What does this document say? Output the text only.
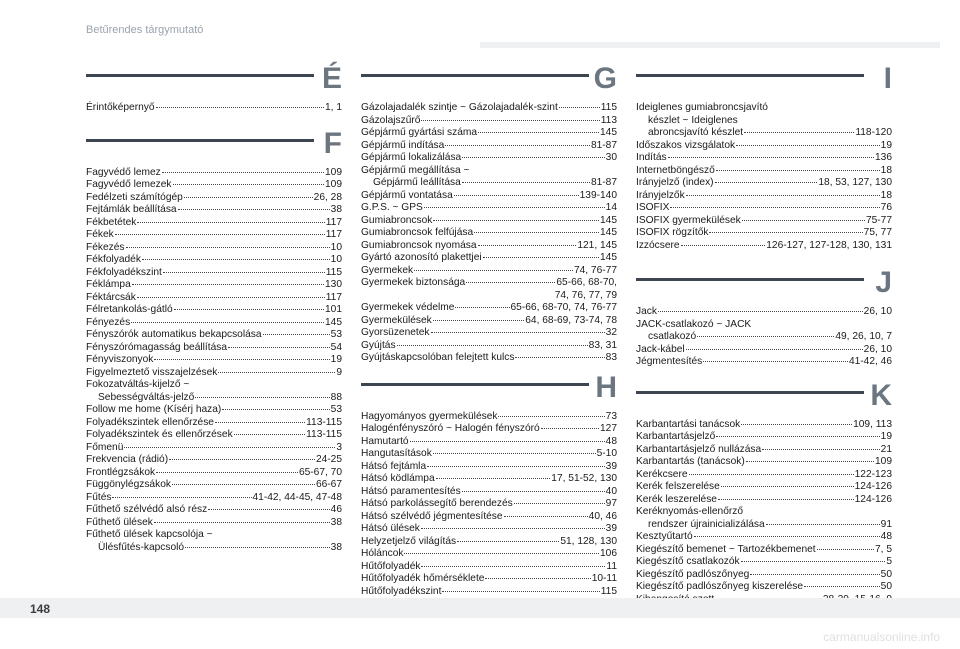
Betűrendes tárgymutató
É
Érintőképernyő	1, 1
F
Fagyvédő lemez	109
Fagyvédő lemezek	109
Fedélzeti számítógép	26, 28
Fejtámlák beállítása	38
Fékbetétek	117
Fékek	117
Fékezés	10
Fékfolyadék	10
Fékfolyadékszint	115
Féklámpa	130
Féktárcsák	117
Félretankolás-gátló	101
Fényezés	145
Fényszórók automatikus bekapcsolása	53
Fényszórómagasság beállítása	54
Fényviszonyok	19
Figyelmeztető visszajelzések	9
Fokozatváltás-kijelző ~
Sebességváltás-jelző	88
Follow me home (Kísérj haza)	53
Folyadékszintek ellenőrzése	113-115
Folyadékszintek és ellenőrzések	113-115
Főmenü	3
Frekvencia (rádió)	24-25
Frontlégzsákok	65-67, 70
Függönylégzsákok	66-67
Fűtés	41-42, 44-45, 47-48
Fűthető szélvédő alsó rész	46
Fűthető ülések	38
Fűthető ülések kapcsolója ~
Ülésfűtés-kapcsoló	38
G
Gázolajadalék szintje ~ Gázolajadalék-szint	115
Gázolajszűrő	113
Gépjármű gyártási száma	145
Gépjármű indítása	81-87
Gépjármű lokalizálása	30
Gépjármű megállítása ~
Gépjármű leállítása	81-87
Gépjármű vontatása	139-140
G.P.S. ~ GPS	14
Gumiabroncsok	145
Gumiabroncsok felfújása	145
Gumiabroncsok nyomása	121, 145
Gyártó azonosító plakettjei	145
Gyermekek	74, 76-77
Gyermekek biztonsága	65-66, 68-70,
74, 76, 77, 79
Gyermekek védelme	65-66, 68-70, 74, 76-77
Gyermekülések	64, 68-69, 73-74, 78
Gyorsüzenetek	32
Gyújtás	83, 31
Gyújtáskapcsolóban felejtett kulcs	83
H
Hagyományos gyermekülések	73
Halogénfényszóró ~ Halogén fényszóró	127
Hamutartó	48
Hangutasítások	5-10
Hátsó fejtámla	39
Hátsó ködlámpa	17, 51-52, 130
Hátsó paramentesítés	40
Hátsó parkolássegítő berendezés	97
Hátsó szélvédő jégmentesítése	40, 46
Hátsó ülések	39
Helyzetjelző világítás	51, 128, 130
Hóláncok	106
Hűtőfolyadék	11
Hűtőfolyadék hőmérséklete	10-11
Hűtőfolyadékszint	115
I
Ideiglenes gumiabroncsjavító
készlet ~ Ideiglenes
abroncsjavító készlet	118-120
Időszakos vizsgálatok	19
Indítás	136
Internetböngésző	18
Irányjelző (index)	18, 53, 127, 130
Irányjelzők	18
ISOFIX	76
ISOFIX gyermekülések	75-77
ISOFIX rögzítők	75, 77
Izzócsere	126-127, 127-128, 130, 131
J
Jack	26, 10
JACK-csatlakozó ~ JACK
csatlakozó	49, 26, 10, 7
Jack-kábel	26, 10
Jégmentesítés	41-42, 46
K
Karbantartási tanácsok	109, 113
Karbantartásjelző	19
Karbantartásjelző nullázása	21
Karbantartás (tanácsok)	109
Kerékcsere	122-123
Kerék felszerelése	124-126
Kerék leszerelése	124-126
Keréknyomás-ellenőrző
rendszer újrainicializálása	91
Kesztyűtartó	48
Kiegészítő bemenet ~ Tartozékbemenet	7, 5
Kiegészítő csatlakozók	5
Kiegészítő padlószőnyeg	50
Kiegészítő padlószőnyeg kiszerelése	50
148
carmanualsonline.info
